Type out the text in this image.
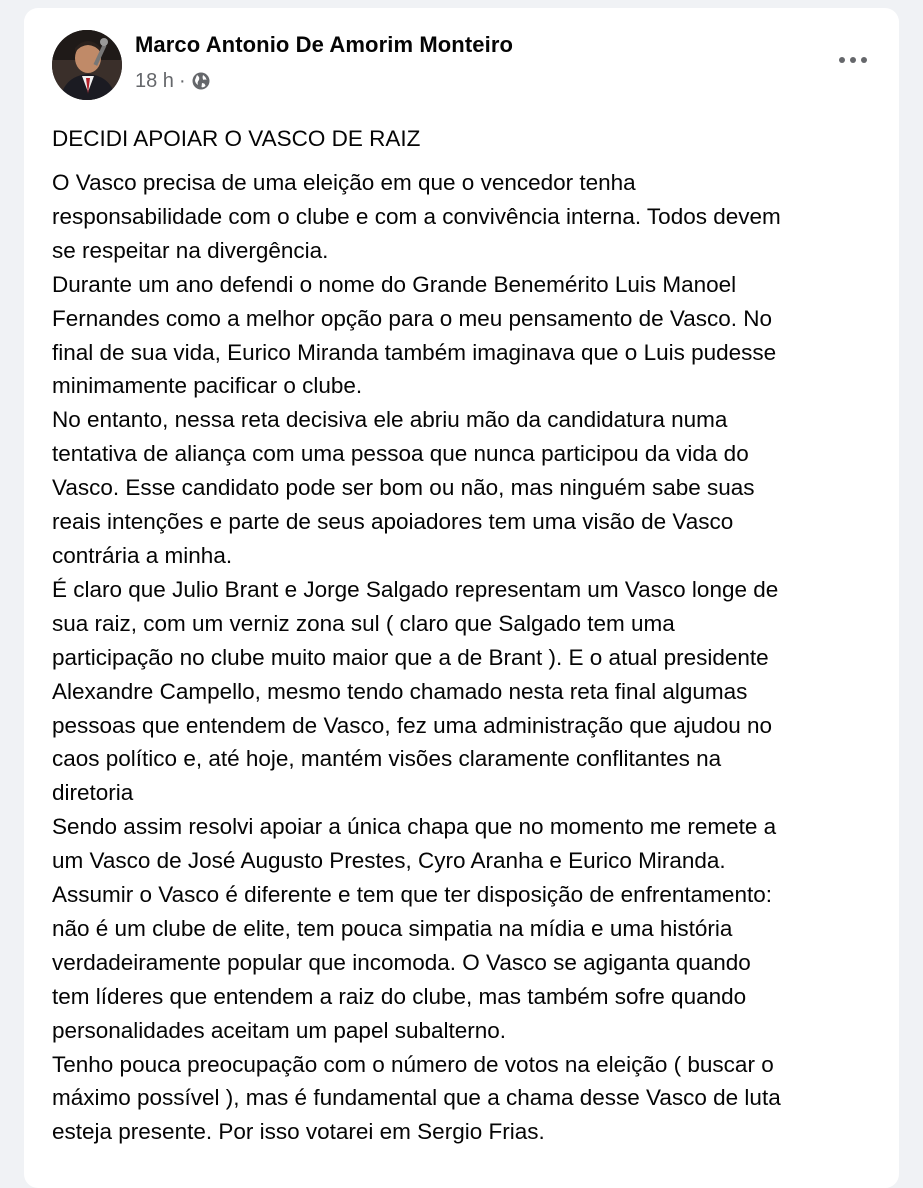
Marco Antonio De Amorim Monteiro
18 h ·
DECIDI APOIAR O VASCO DE RAIZ
O Vasco precisa de uma eleição em que o vencedor tenha
responsabilidade com o clube e com a convivência interna. Todos devem
se respeitar na divergência.
Durante um ano defendi o nome do Grande Benemérito Luis Manoel
Fernandes como a melhor opção para o meu pensamento de Vasco. No
final de sua vida, Eurico Miranda também imaginava que o Luis pudesse
minimamente pacificar o clube.
No entanto, nessa reta decisiva ele abriu mão da candidatura numa
tentativa de aliança com uma pessoa que nunca participou da vida do
Vasco. Esse candidato pode ser bom ou não, mas ninguém sabe suas
reais intenções e parte de seus apoiadores tem uma visão de Vasco
contrária a minha.
É claro que Julio Brant e Jorge Salgado representam um Vasco longe de
sua raiz, com um verniz zona sul ( claro que Salgado tem uma
participação no clube muito maior que a de Brant ). E o atual presidente
Alexandre Campello, mesmo tendo chamado nesta reta final algumas
pessoas que entendem de Vasco, fez uma administração que ajudou no
caos político e, até hoje, mantém visões claramente conflitantes na
diretoria
Sendo assim resolvi apoiar a única chapa que no momento me remete a
um Vasco de José Augusto Prestes, Cyro Aranha e Eurico Miranda.
Assumir o Vasco é diferente e tem que ter disposição de enfrentamento:
não é um clube de elite, tem pouca simpatia na mídia e uma história
verdadeiramente popular que incomoda. O Vasco se agiganta quando
tem líderes que entendem a raiz do clube, mas também sofre quando
personalidades aceitam um papel subalterno.
Tenho pouca preocupação com o número de votos na eleição ( buscar o
máximo possível ), mas é fundamental que a chama desse Vasco de luta
esteja presente. Por isso votarei em Sergio Frias.
